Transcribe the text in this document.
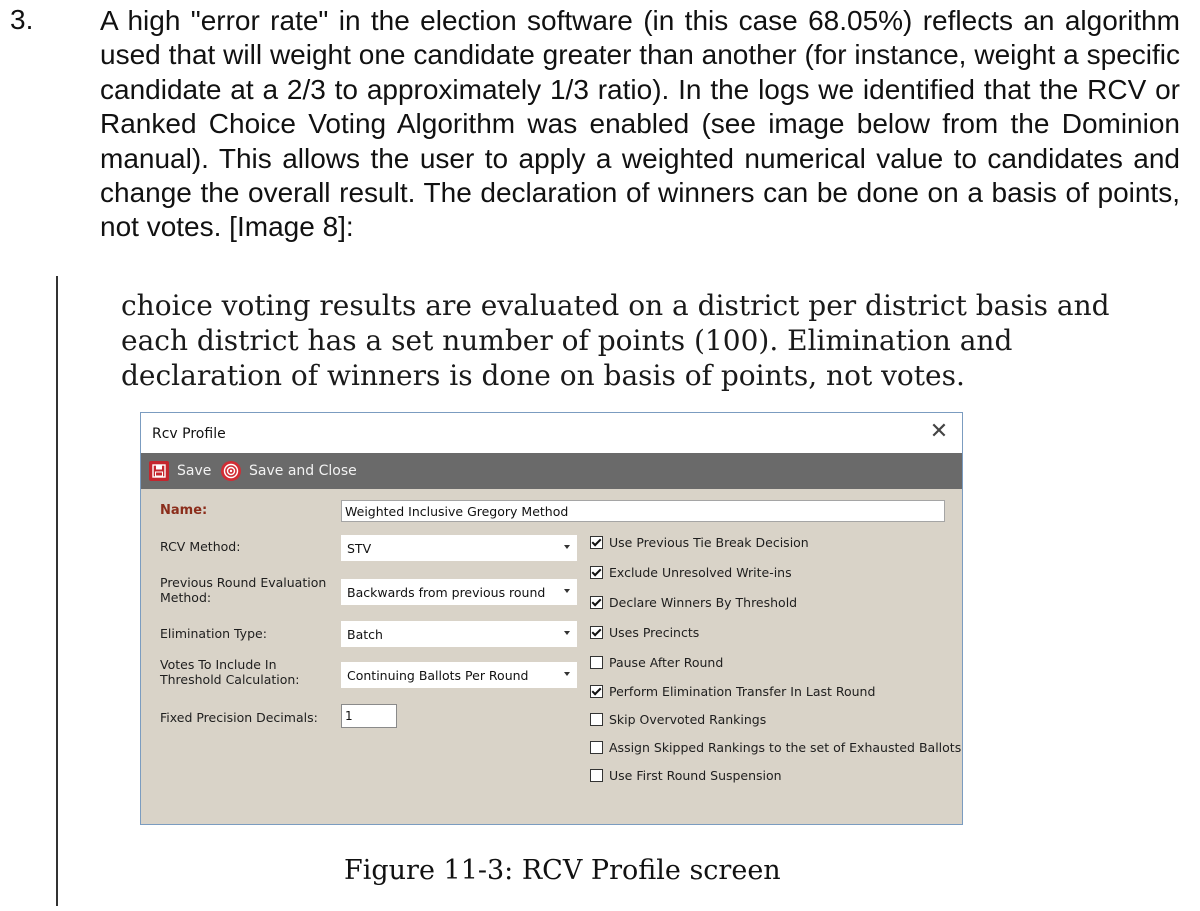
3. A high "error rate" in the election software (in this case 68.05%) reflects an algorithm used that will weight one candidate greater than another (for instance, weight a specific candidate at a 2/3 to approximately 1/3 ratio). In the logs we identified that the RCV or Ranked Choice Voting Algorithm was enabled (see image below from the Dominion manual). This allows the user to apply a weighted numerical value to candidates and change the overall result. The declaration of winners can be done on a basis of points, not votes. [Image 8]:

choice voting results are evaluated on a district per district basis and each district has a set number of points (100). Elimination and declaration of winners is done on basis of points, not votes.

Rcv Profile	✕
Save	Save and Close
Name:
Weighted Inclusive Gregory Method
RCV Method:	STV
Previous Round Evaluation
Method:	Backwards from previous round
Elimination Type:	Batch
Votes To Include In
Threshold Calculation:	Continuing Ballots Per Round
Fixed Precision Decimals:
1
Use Previous Tie Break Decision
Exclude Unresolved Write-ins
Declare Winners By Threshold
Uses Precincts
Pause After Round
Perform Elimination Transfer In Last Round
Skip Overvoted Rankings
Assign Skipped Rankings to the set of Exhausted Ballots
Use First Round Suspension
Figure 11-3: RCV Profile screen
